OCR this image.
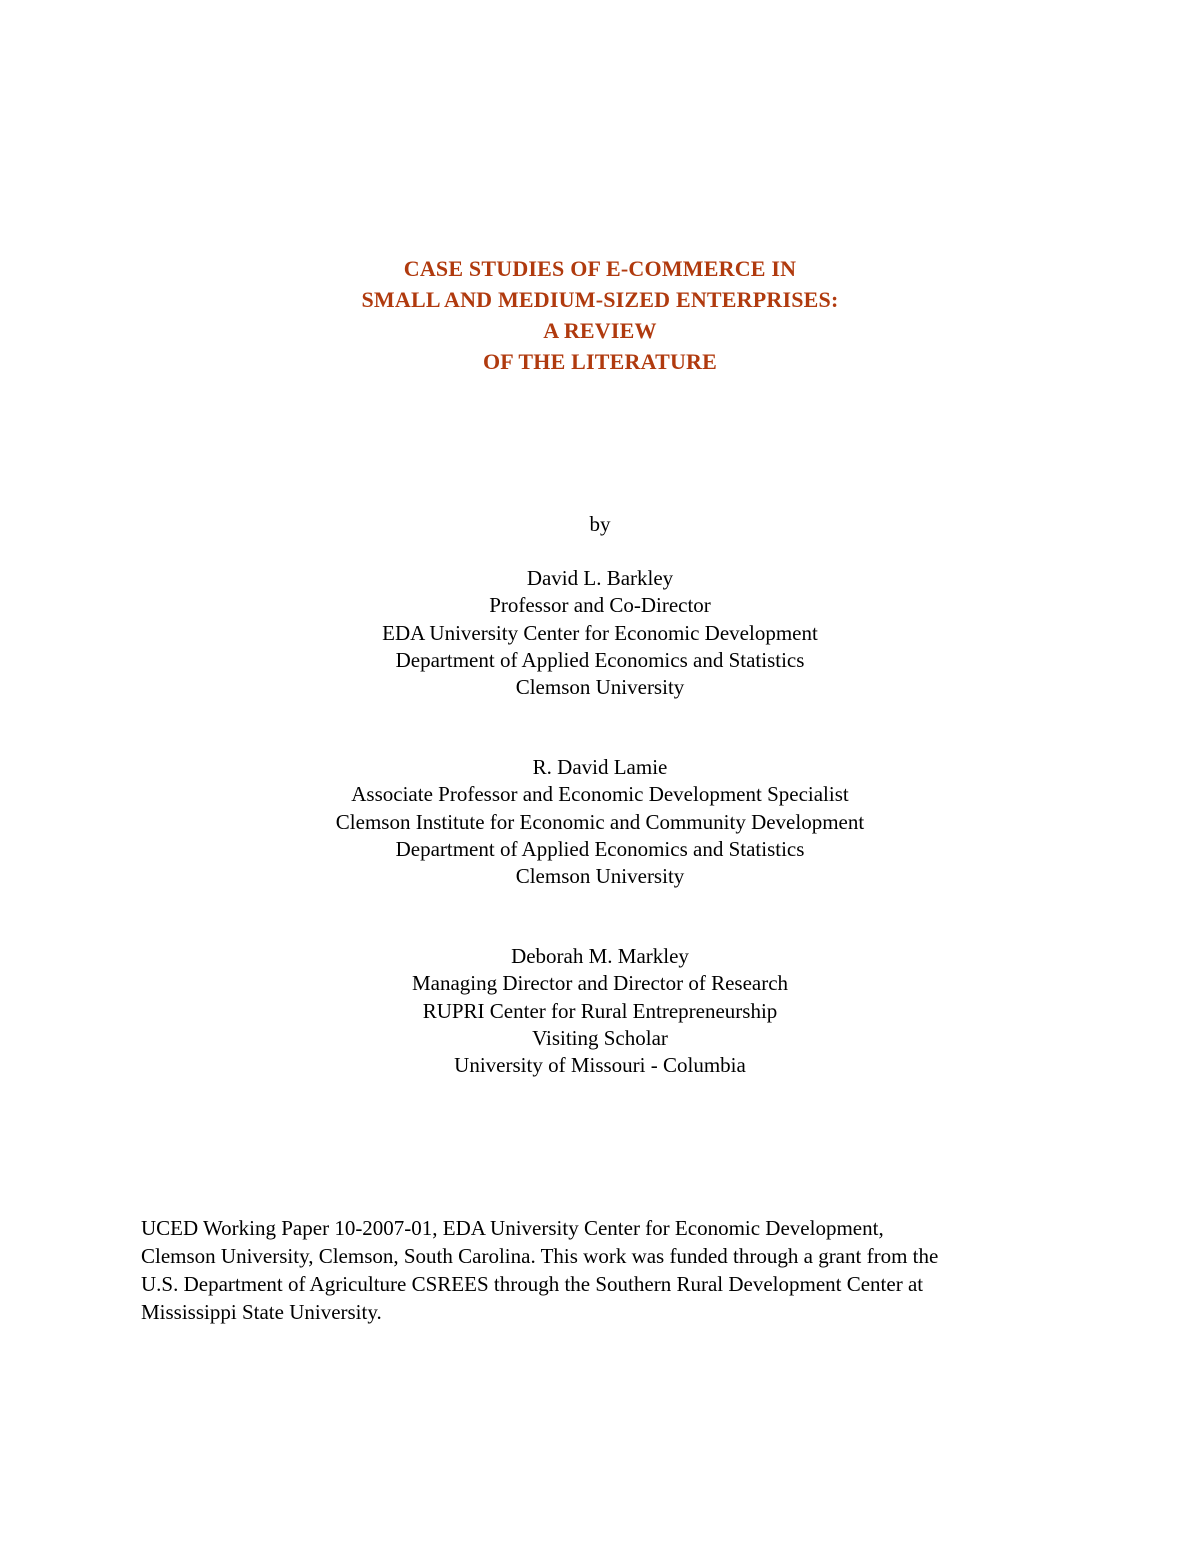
CASE STUDIES OF E-COMMERCE IN
SMALL AND MEDIUM-SIZED ENTERPRISES:
A REVIEW
OF THE LITERATURE
by
David L. Barkley
Professor and Co-Director
EDA University Center for Economic Development
Department of Applied Economics and Statistics
Clemson University
R. David Lamie
Associate Professor and Economic Development Specialist
Clemson Institute for Economic and Community Development
Department of Applied Economics and Statistics
Clemson University
Deborah M. Markley
Managing Director and Director of Research
RUPRI Center for Rural Entrepreneurship
Visiting Scholar
University of Missouri - Columbia
UCED Working Paper 10-2007-01, EDA University Center for Economic Development,
Clemson University, Clemson, South Carolina. This work was funded through a grant from the
U.S. Department of Agriculture CSREES through the Southern Rural Development Center at
Mississippi State University.
